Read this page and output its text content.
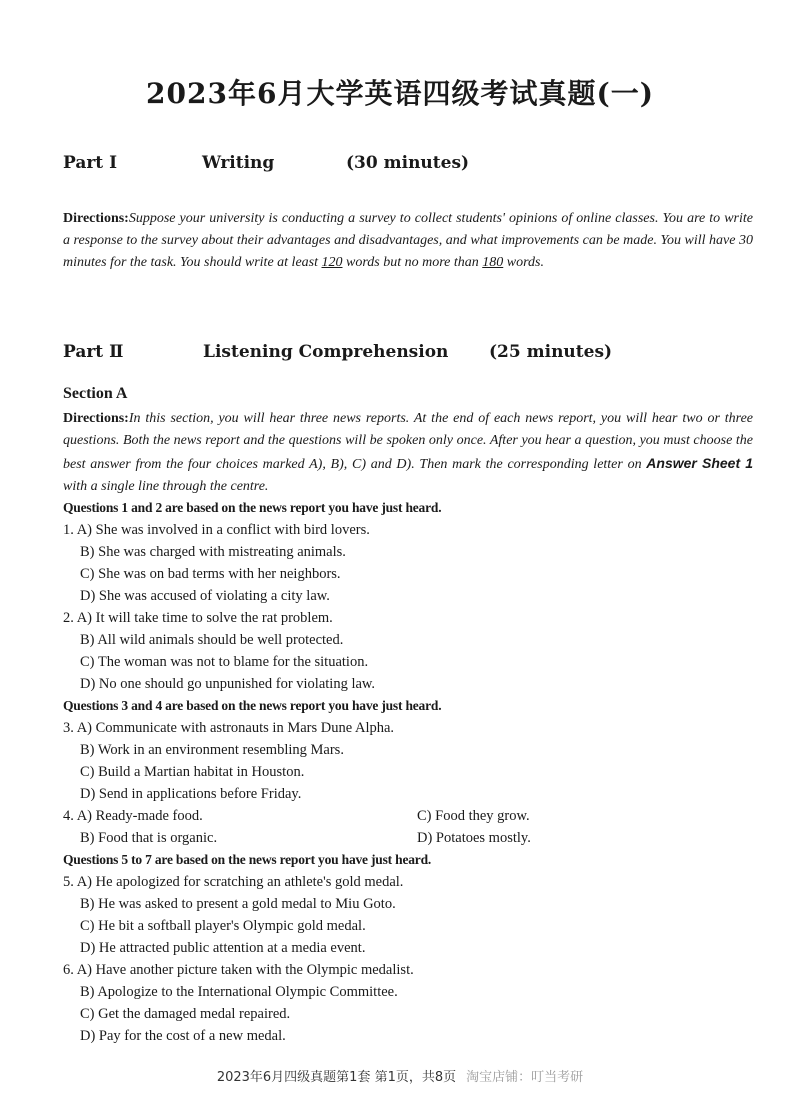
2023年6月大学英语四级考试真题(一)
Part Ⅰ	Writing	(30 minutes)
Directions:Suppose your university is conducting a survey to collect students' opinions of online classes. You are to write a response to the survey about their advantages and disadvantages, and what improvements can be made. You will have 30 minutes for the task. You should write at least 120 words but no more than 180 words.
Part Ⅱ	Listening Comprehension (25 minutes)
Section A
Directions:In this section, you will hear three news reports. At the end of each news report, you will hear two or three questions. Both the news report and the questions will be spoken only once. After you hear a question, you must choose the best answer from the four choices marked A), B), C) and D). Then mark the corresponding letter on Answer Sheet 1 with a single line through the centre.
Questions 1 and 2 are based on the news report you have just heard.
1. A) She was involved in a conflict with bird lovers.
B) She was charged with mistreating animals.
C) She was on bad terms with her neighbors.
D) She was accused of violating a city law.
2. A) It will take time to solve the rat problem.
B) All wild animals should be well protected.
C) The woman was not to blame for the situation.
D) No one should go unpunished for violating law.
Questions 3 and 4 are based on the news report you have just heard.
3. A) Communicate with astronauts in Mars Dune Alpha.
B) Work in an environment resembling Mars.
C) Build a Martian habitat in Houston.
D) Send in applications before Friday.
4. A) Ready-made food.	C) Food they grow.
B) Food that is organic.	D) Potatoes mostly.
Questions 5 to 7 are based on the news report you have just heard.
5. A) He apologized for scratching an athlete's gold medal.
B) He was asked to present a gold medal to Miu Goto.
C) He bit a softball player's Olympic gold medal.
D) He attracted public attention at a media event.
6. A) Have another picture taken with the Olympic medalist.
B) Apologize to the International Olympic Committee.
C) Get the damaged medal repaired.
D) Pay for the cost of a new medal.
2023年6月四级真题第1套 第1页，共8页 淘宝店铺：叮当考研
